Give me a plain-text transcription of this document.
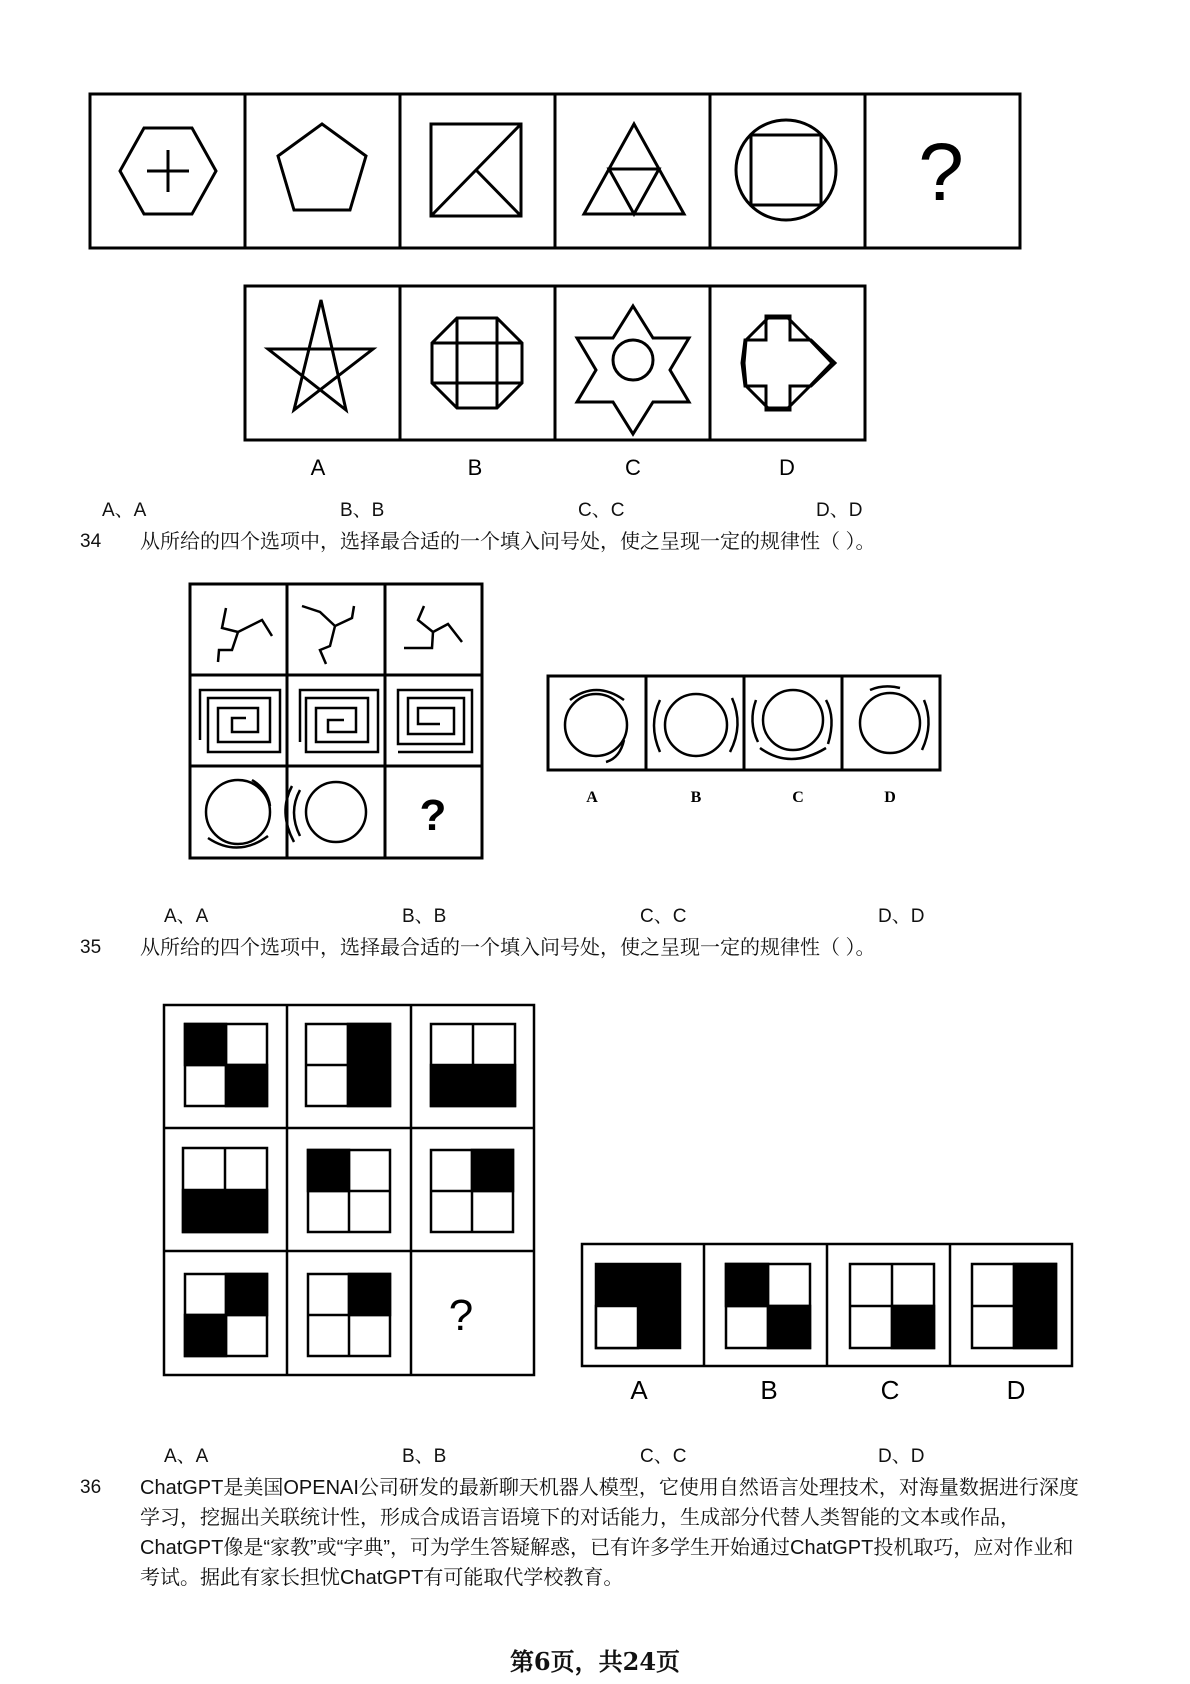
?
A	B	C	D
A、A	B、B	C、C	D、D
34 从所给的四个选项中，选择最合适的一个填入问号处，使之呈现一定的规律性（ ）。
?	A	B	C	D
A、A	B、B	C、C	D、D
35 从所给的四个选项中，选择最合适的一个填入问号处，使之呈现一定的规律性（ ）。
?
A	B	C	D
A、A	B、B	C、C	D、D
36 ChatGPT是美国OPENAI公司研发的最新聊天机器人模型，它使用自然语言处理技术，对海量数据进行深度学习，挖掘出关联统计性，形成合成语言语境下的对话能力，生成部分代替人类智能的文本或作品，ChatGPT像是“家教”或“字典”，可为学生答疑解惑，已有许多学生开始通过ChatGPT投机取巧，应对作业和考试。据此有家长担忧ChatGPT有可能取代学校教育。
第6页，共24页
